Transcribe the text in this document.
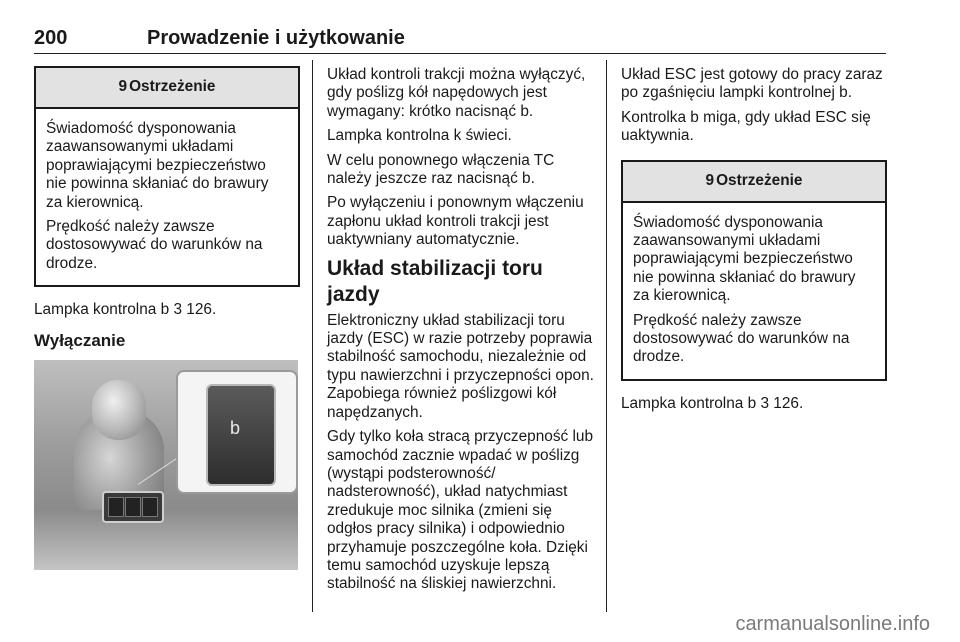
200	Prowadzenie i użytkowanie
9 Ostrzeżenie

Świadomość dysponowania zaawansowanymi układami poprawiającymi bezpieczeństwo nie powinna skłaniać do brawury za kierownicą.

Prędkość należy zawsze dostosowywać do warunków na drodze.

Lampka kontrolna b 3 126.

Wyłączanie
b

Układ kontroli trakcji można wyłączyć, gdy poślizg kół napędowych jest wymagany: krótko nacisnąć b.

Lampka kontrolna k świeci.

W celu ponownego włączenia TC należy jeszcze raz nacisnąć b.

Po wyłączeniu i ponownym włączeniu zapłonu układ kontroli trakcji jest uaktywniany automatycznie.

Układ stabilizacji toru jazdy

Elektroniczny układ stabilizacji toru jazdy (ESC) w razie potrzeby poprawia stabilność samochodu, niezależnie od typu nawierzchni i przyczepności opon. Zapobiega również poślizgowi kół napędzanych.

Gdy tylko koła stracą przyczepność lub samochód zacznie wpadać w poślizg (wystąpi podsterowność/ nadsterowność), układ natychmiast zredukuje moc silnika (zmieni się odgłos pracy silnika) i odpowiednio przyhamuje poszczególne koła. Dzięki temu samochód uzyskuje lepszą stabilność na śliskiej nawierzchni.

Układ ESC jest gotowy do pracy zaraz po zgaśnięciu lampki kontrolnej b.

Kontrolka b miga, gdy układ ESC się uaktywnia.

9 Ostrzeżenie

Świadomość dysponowania zaawansowanymi układami poprawiającymi bezpieczeństwo nie powinna skłaniać do brawury za kierownicą.

Prędkość należy zawsze dostosowywać do warunków na drodze.

Lampka kontrolna b 3 126.

carmanualsonline.info
